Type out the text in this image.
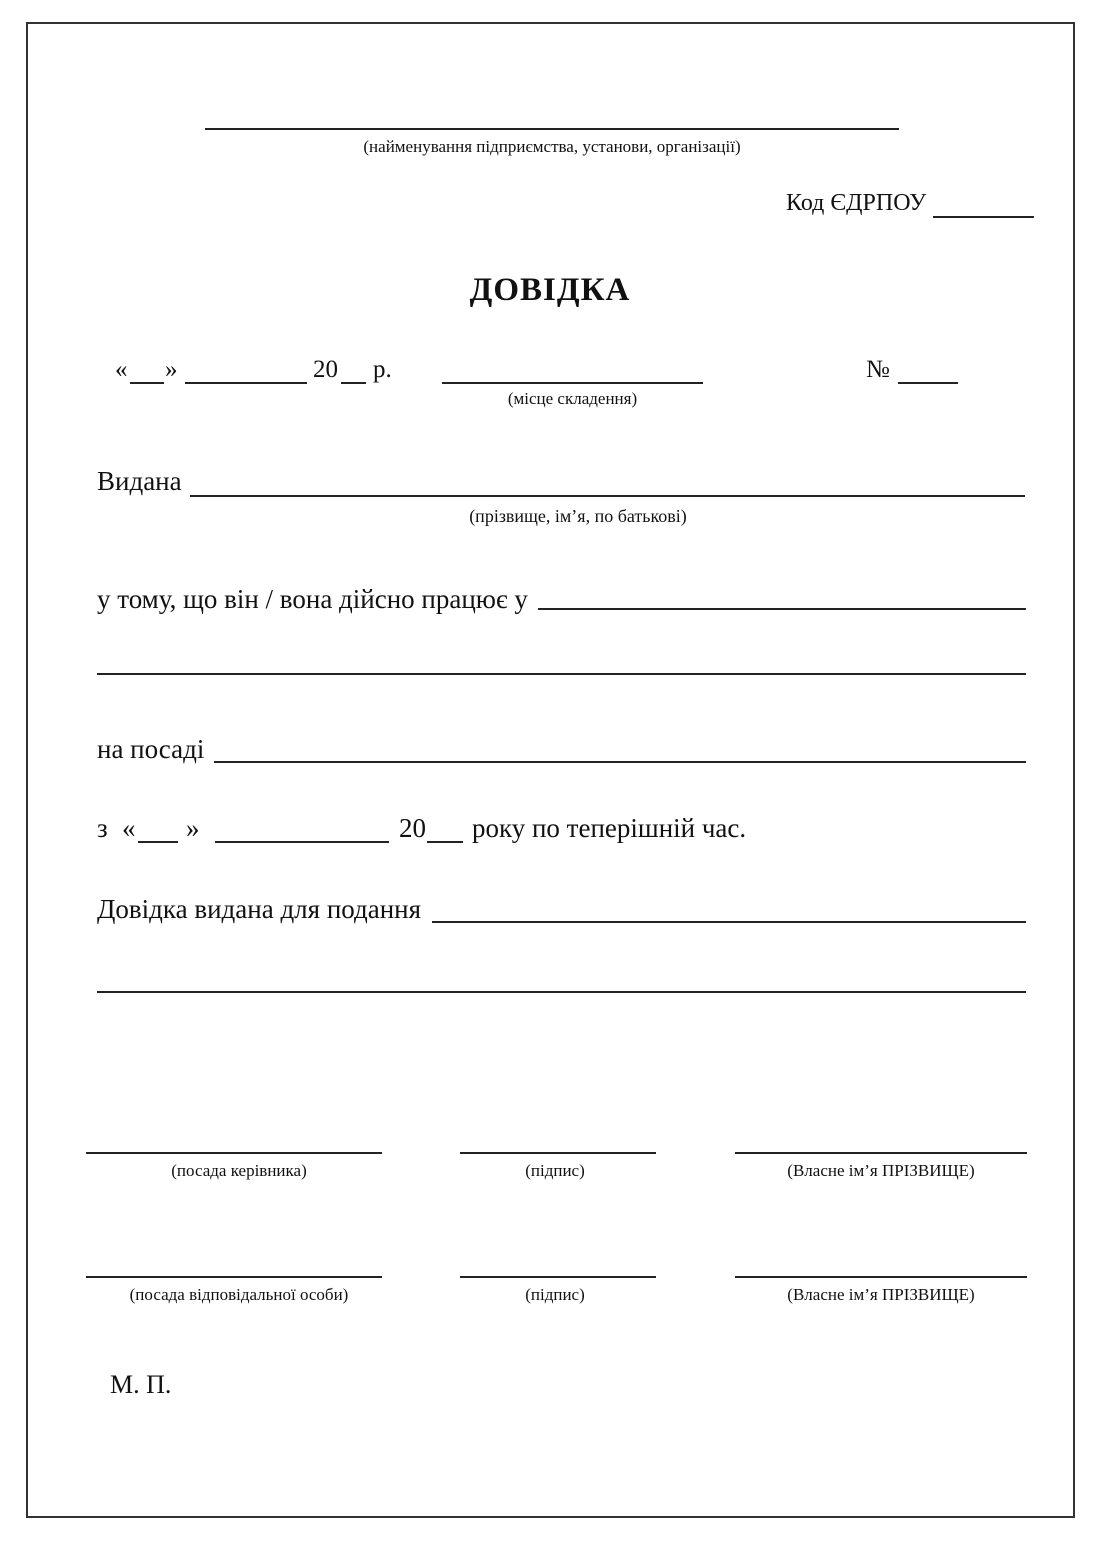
(найменування підприємства, установи, організації)
Код ЄДРПОУ
ДОВІДКА
« »	20 р.
(місце складення)
№
Видана
(прізвище, ім’я, по батькові)
у тому, що він / вона дійсно працює у
на посаді
з « »	20 року по теперішній час.
Довідка видана для подання
(посада керівника)	(підпис)	(Власне ім’я ПРІЗВИЩЕ)
(посада відповідальної особи)	(підпис)	(Власне ім’я ПРІЗВИЩЕ)
М. П.
